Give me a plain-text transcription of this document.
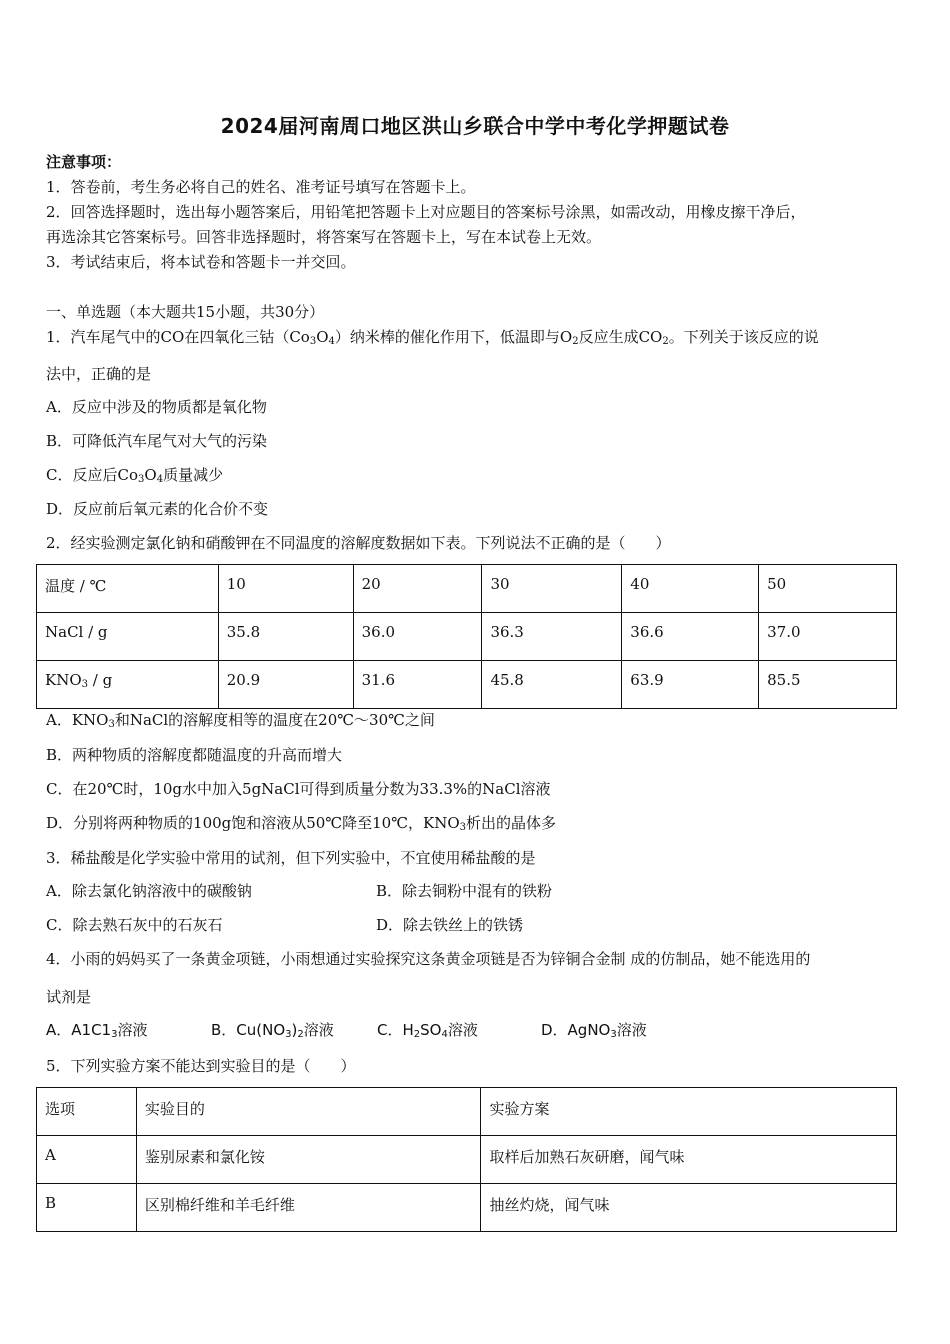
2024届河南周口地区洪山乡联合中学中考化学押题试卷
注意事项：
1．答卷前，考生务必将自己的姓名、准考证号填写在答题卡上。
2．回答选择题时，选出每小题答案后，用铅笔把答题卡上对应题目的答案标号涂黑，如需改动，用橡皮擦干净后，
再选涂其它答案标号。回答非选择题时，将答案写在答题卡上，写在本试卷上无效。
3．考试结束后，将本试卷和答题卡一并交回。
一、单选题（本大题共15小题，共30分）
1．汽车尾气中的CO在四氧化三钴$(Co_3O_4)$纳米棒的催化作用下，低温即与$O_2$反应生成$CO_2$。下列关于该反应的说
法中，正确的是
A．反应中涉及的物质都是氧化物
B．可降低汽车尾气对大气的污染
C．反应后$Co_3O_4$质量减少
D．反应前后氧元素的化合价不变
2．经实验测定氯化钠和硝酸钾在不同温度的溶解度数据如下表。下列说法不正确的是（　　）
温度 / ℃	10	20	30	40	50
NaCl / g	35.8	36.0	36.3	36.6	37.0
$KNO_3$ / g	20.9	31.6	45.8	63.9	85.5
A．$KNO_3$和NaCl的溶解度相等的温度在20℃～30℃之间
B．两种物质的溶解度都随温度的升高而增大
C．在20℃时，10g水中加入5gNaCl可得到质量分数为33.3%的NaCl溶液
D．分别将两种物质的100g饱和溶液从50℃降至10℃，$KNO_3$析出的晶体多
3．稀盐酸是化学实验中常用的试剂，但下列实验中，不宜使用稀盐酸的是
A．除去氯化钠溶液中的碳酸钠	B．除去铜粉中混有的铁粉
C．除去熟石灰中的石灰石	D．除去铁丝上的铁锈
4．小雨的妈妈买了一条黄金项链，小雨想通过实验探究这条黄金项链是否为锌铜合金制 成的仿制品，她不能选用的
试剂是
A．$A1C1_3$溶液	B．$Cu(NO_3)_2$溶液	C．$H_2SO_4$溶液	D．AgNO$_3$溶液
5．下列实验方案不能达到实验目的是（　　）
选项	实验目的	实验方案
A	鉴别尿素和氯化铵	取样后加熟石灰研磨，闻气味
B	区别棉纤维和羊毛纤维	抽丝灼烧，闻气味
